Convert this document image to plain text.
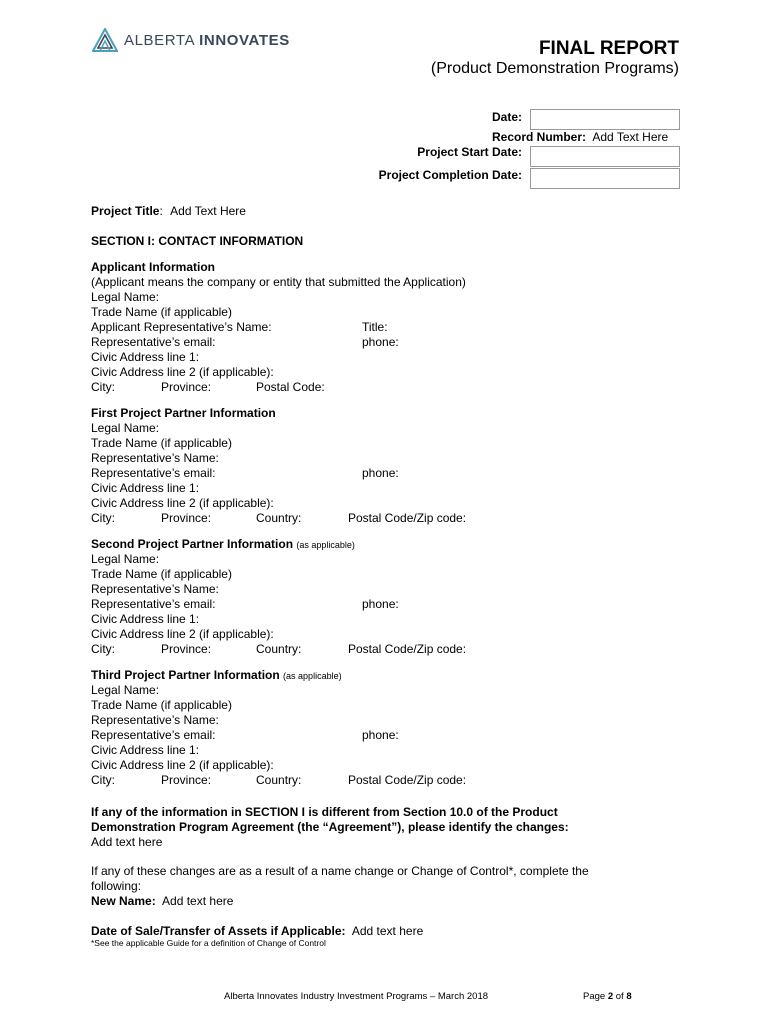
ALBERTA INNOVATES	FINAL REPORT
(Product Demonstration Programs)
Date:
Record Number: Add Text Here
Project Start Date:
Project Completion Date:
Project Title: Add Text Here
SECTION I: CONTACT INFORMATION
Applicant Information
(Applicant means the company or entity that submitted the Application)
Legal Name:
Trade Name (if applicable)
Applicant Representative’s Name:	Title:
Representative’s email:	phone:
Civic Address line 1:
Civic Address line 2 (if applicable):
City:	Province:	Postal Code:
First Project Partner Information
Legal Name:
Trade Name (if applicable)
Representative’s Name:
Representative’s email:	phone:
Civic Address line 1:
Civic Address line 2 (if applicable):
City:	Province:	Country:	Postal Code/Zip code:
Second Project Partner Information (as applicable)
Legal Name:
Trade Name (if applicable)
Representative’s Name:
Representative’s email:	phone:
Civic Address line 1:
Civic Address line 2 (if applicable):
City:	Province:	Country:	Postal Code/Zip code:
Third Project Partner Information (as applicable)
Legal Name:
Trade Name (if applicable)
Representative’s Name:
Representative’s email:	phone:
Civic Address line 1:
Civic Address line 2 (if applicable):
City:	Province:	Country:	Postal Code/Zip code:
If any of the information in SECTION I is different from Section 10.0 of the Product
Demonstration Program Agreement (the “Agreement”), please identify the changes:
Add text here
If any of these changes are as a result of a name change or Change of Control*, complete the
following:
New Name: Add text here
Date of Sale/Transfer of Assets if Applicable: Add text here
*See the applicable Guide for a definition of Change of Control
Alberta Innovates Industry Investment Programs – March 2018	Page 2 of 8
